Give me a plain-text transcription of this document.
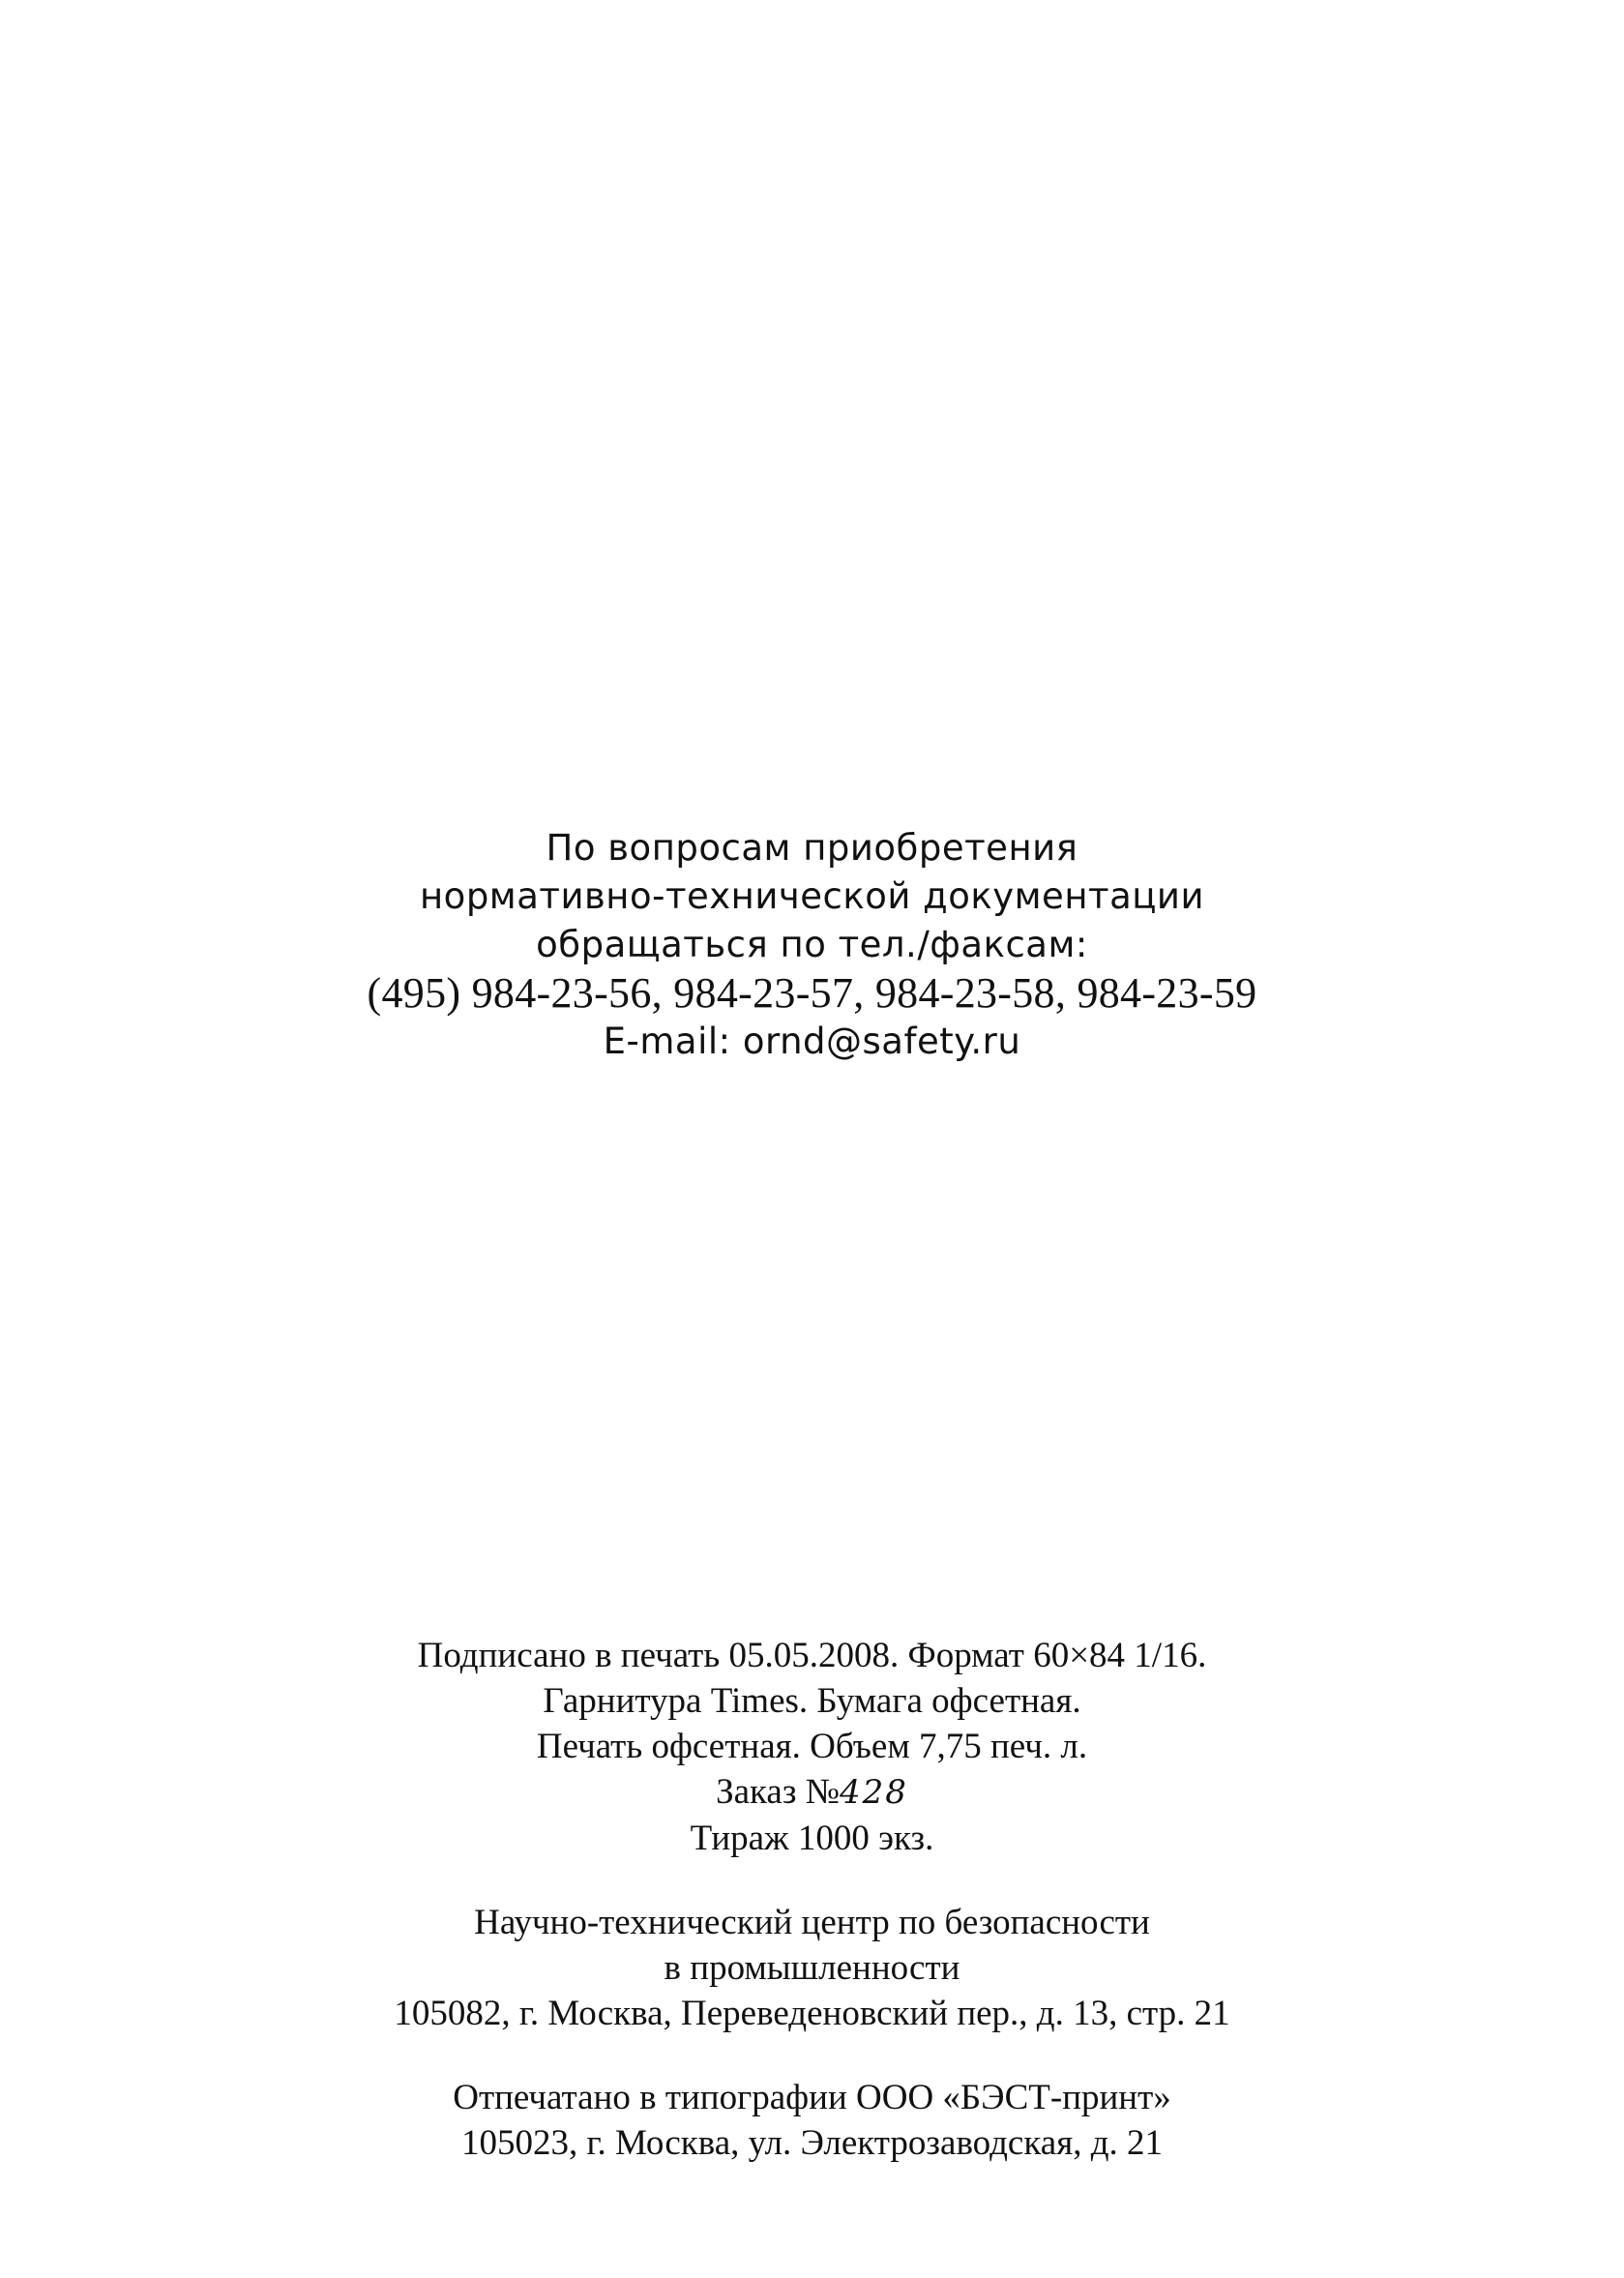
По вопросам приобретения
нормативно-технической документации
обращаться по тел./факсам:
(495) 984-23-56, 984-23-57, 984-23-58, 984-23-59
E-mail: ornd@safety.ru
Подписано в печать 05.05.2008. Формат 60×84 1/16.
Гарнитура Times. Бумага офсетная.
Печать офсетная. Объем 7,75 печ. л.
Заказ №428
Тираж 1000 экз.
Научно-технический центр по безопасности
в промышленности
105082, г. Москва, Переведеновский пер., д. 13, стр. 21
Отпечатано в типографии ООО «БЭСТ-принт»
105023, г. Москва, ул. Электрозаводская, д. 21
